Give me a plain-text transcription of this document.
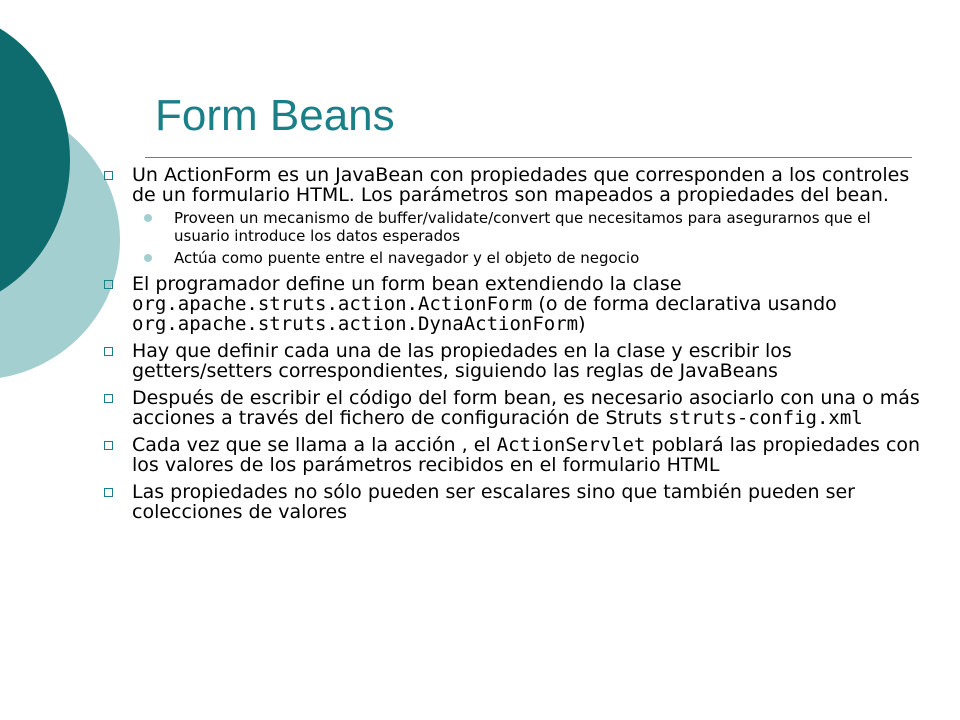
Form Beans
Un ActionForm es un JavaBean con propiedades que corresponden a los controles de un formulario HTML. Los parámetros son mapeados a propiedades del bean.
Proveen un mecanismo de buffer/validate/convert que necesitamos para asegurarnos que el usuario introduce los datos esperados
Actúa como puente entre el navegador y el objeto de negocio
El programador define un form bean extendiendo la clase org.apache.struts.action.ActionForm (o de forma declarativa usando org.apache.struts.action.DynaActionForm)
Hay que definir cada una de las propiedades en la clase y escribir los getters/setters correspondientes, siguiendo las reglas de JavaBeans
Después de escribir el código del form bean, es necesario asociarlo con una o más acciones a través del fichero de configuración de Struts struts-config.xml
Cada vez que se llama a la acción , el ActionServlet poblará las propiedades con los valores de los parámetros recibidos en el formulario HTML
Las propiedades no sólo pueden ser escalares sino que también pueden ser colecciones de valores
